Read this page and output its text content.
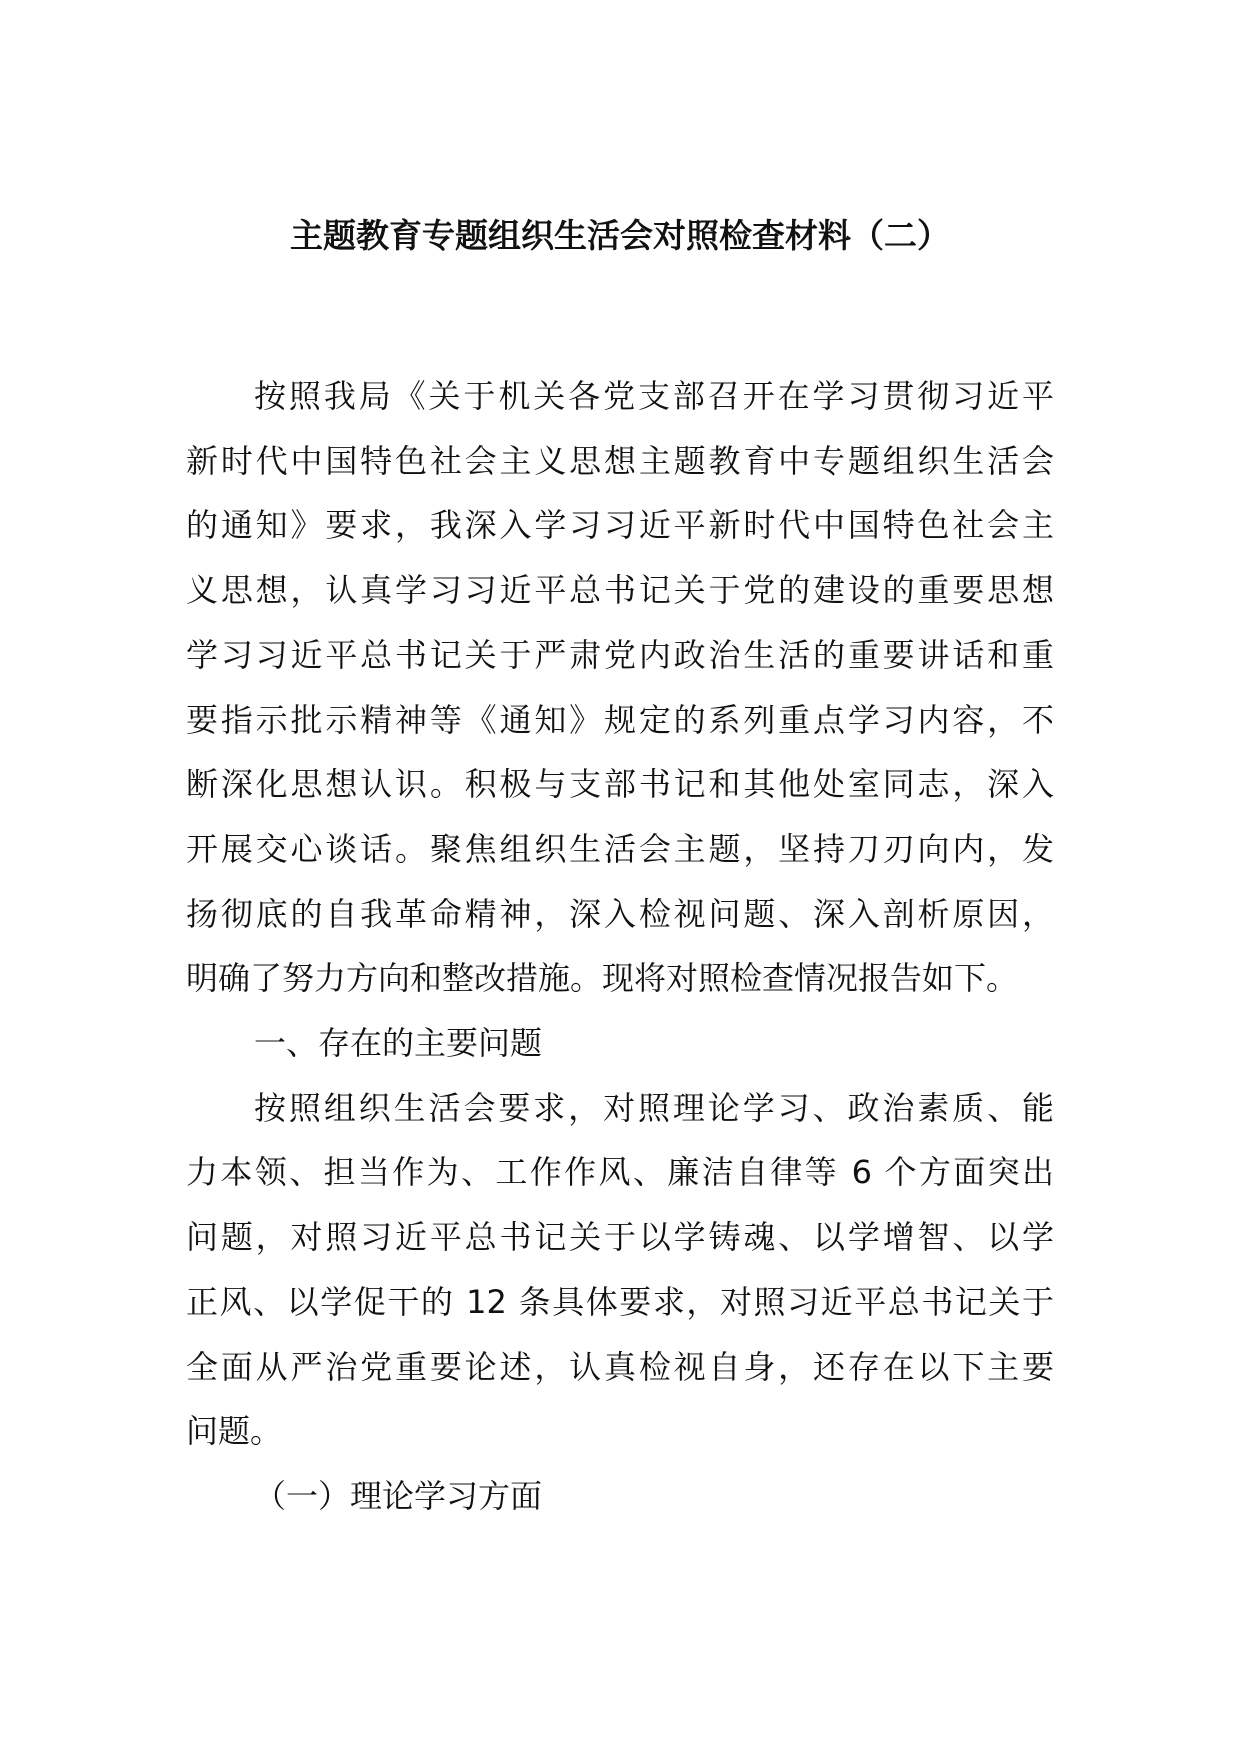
主题教育专题组织生活会对照检查材料（二）
按照我局《关于机关各党支部召开在学习贯彻习近平
新时代中国特色社会主义思想主题教育中专题组织生活会
的通知》要求，我深入学习习近平新时代中国特色社会主
义思想，认真学习习近平总书记关于党的建设的重要思想
学习习近平总书记关于严肃党内政治生活的重要讲话和重
要指示批示精神等《通知》规定的系列重点学习内容，不
断深化思想认识。积极与支部书记和其他处室同志，深入
开展交心谈话。聚焦组织生活会主题，坚持刀刃向内，发
扬彻底的自我革命精神，深入检视问题、深入剖析原因，
明确了努力方向和整改措施。现将对照检查情况报告如下。
一、存在的主要问题
按照组织生活会要求，对照理论学习、政治素质、能
力本领、担当作为、工作作风、廉洁自律等 6 个方面突出
问题，对照习近平总书记关于以学铸魂、以学增智、以学
正风、以学促干的 12 条具体要求，对照习近平总书记关于
全面从严治党重要论述，认真检视自身，还存在以下主要
问题。
（一）理论学习方面
